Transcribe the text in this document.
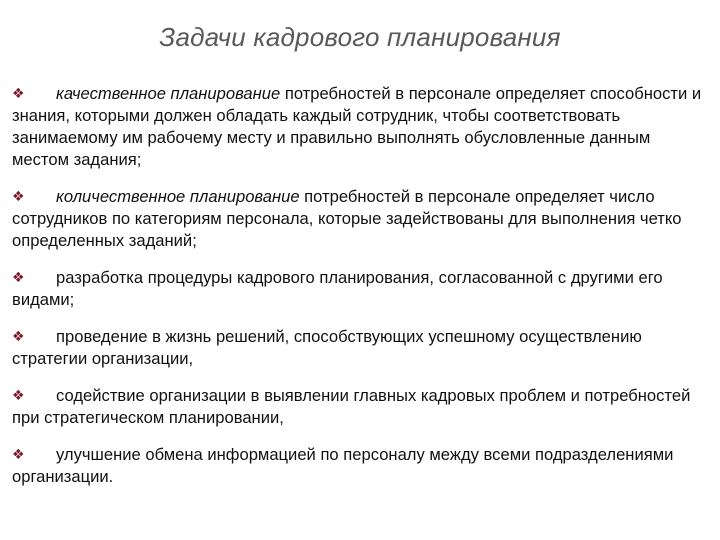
Задачи кадрового планирования

❖ качественное планирование потребностей в персонале определяет способности и знания, которыми должен обладать каждый сотрудник, чтобы соответствовать занимаемому им рабочему месту и правильно выполнять обусловленные данным местом задания;

❖ количественное планирование потребностей в персонале определяет число сотрудников по категориям персонала, которые задействованы для выполнения четко определенных заданий;

❖ разработка процедуры кадрового планирования, согласованной с другими его видами;

❖ проведение в жизнь решений, способствующих успешному осуществлению стратегии организации,

❖ содействие организации в выявлении главных кадровых проблем и потребностей при стратегическом планировании,

❖ улучшение обмена информацией по персоналу между всеми подразделениями организации.
